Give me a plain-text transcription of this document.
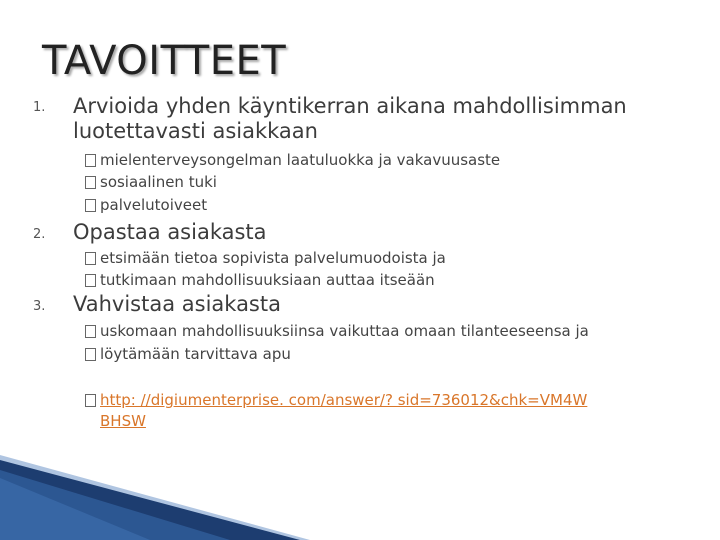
TAVOITTEET
1. Arvioida yhden käyntikerran aikana mahdollisimman
luotettavasti asiakkaan
mielenterveysongelman laatuluokka ja vakavuusaste
sosiaalinen tuki
palvelutoiveet
2. Opastaa asiakasta
etsimään tietoa sopivista palvelumuodoista ja
tutkimaan mahdollisuuksiaan auttaa itseään
3. Vahvistaa asiakasta
uskomaan mahdollisuuksiinsa vaikuttaa omaan tilanteeseensa ja
löytämään tarvittava apu
http: //digiumenterprise. com/answer/? sid=736012&chk=VM4W
BHSW
